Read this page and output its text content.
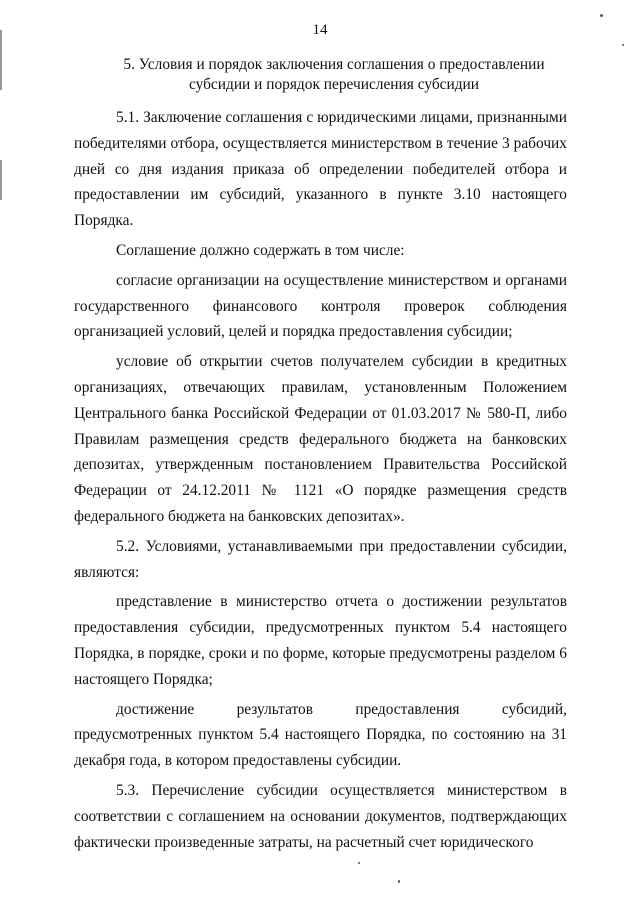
14
5. Условия и порядок заключения соглашения о предоставлении
субсидии и порядок перечисления субсидии

5.1. Заключение соглашения с юридическими лицами, признанными победителями отбора, осуществляется министерством в течение 3 рабочих дней со дня издания приказа об определении победителей отбора и предоставлении им субсидий, указанного в пункте 3.10 настоящего Порядка.

Соглашение должно содержать в том числе:

согласие организации на осуществление министерством и органами государственного финансового контроля проверок соблюдения организацией условий, целей и порядка предоставления субсидии;

условие об открытии счетов получателем субсидии в кредитных организациях, отвечающих правилам, установленным Положением Центрального банка Российской Федерации от 01.03.2017 № 580-П, либо Правилам размещения средств федерального бюджета на банковских депозитах, утвержденным постановлением Правительства Российской Федерации от 24.12.2011 № 1121 «О порядке размещения средств федерального бюджета на банковских депозитах».

5.2. Условиями, устанавливаемыми при предоставлении субсидии, являются:

представление в министерство отчета о достижении результатов предоставления субсидии, предусмотренных пунктом 5.4 настоящего Порядка, в порядке, сроки и по форме, которые предусмотрены разделом 6 настоящего Порядка;

достижение результатов предоставления субсидий, предусмотренных пунктом 5.4 настоящего Порядка, по состоянию на 31 декабря года, в котором предоставлены субсидии.

5.3. Перечисление субсидии осуществляется министерством в соответствии с соглашением на основании документов, подтверждающих фактически произведенные затраты, на расчетный счет юридического
